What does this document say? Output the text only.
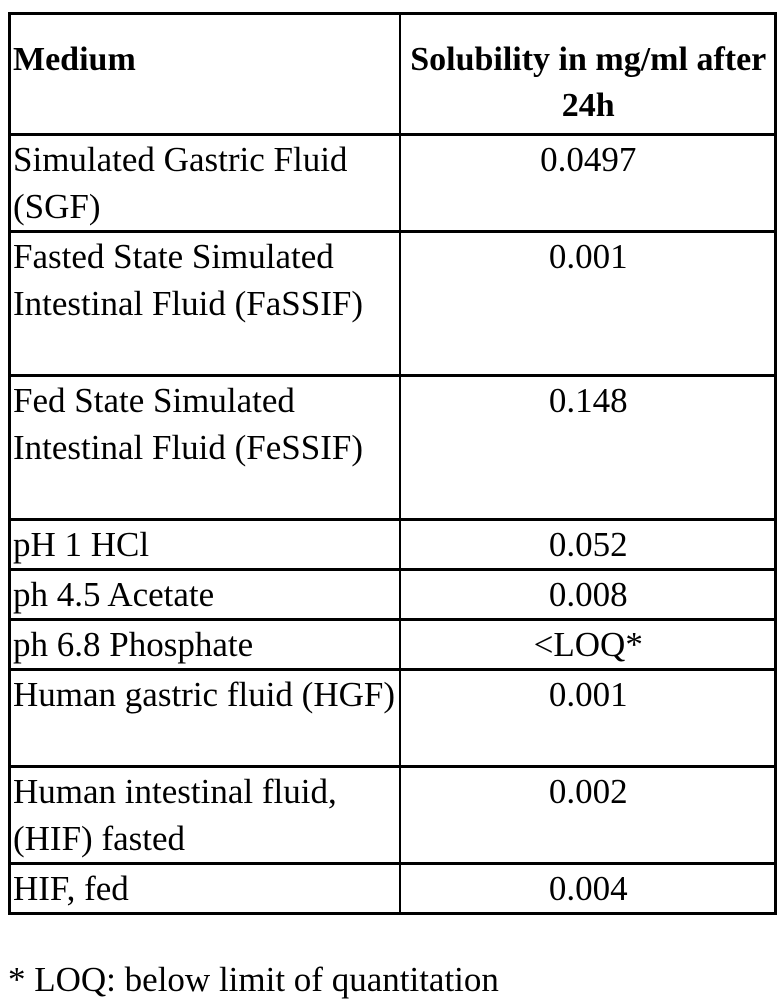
Medium	Solubility in mg/ml after 24h
Simulated Gastric Fluid (SGF)	0.0497
Fasted State Simulated Intestinal Fluid (FaSSIF)	0.001
Fed State Simulated Intestinal Fluid (FeSSIF)	0.148
pH 1 HCl	0.052
ph 4.5 Acetate	0.008
ph 6.8 Phosphate	<LOQ*
Human gastric fluid (HGF)	0.001
Human intestinal fluid, (HIF) fasted	0.002
HIF, fed	0.004
* LOQ: below limit of quantitation
